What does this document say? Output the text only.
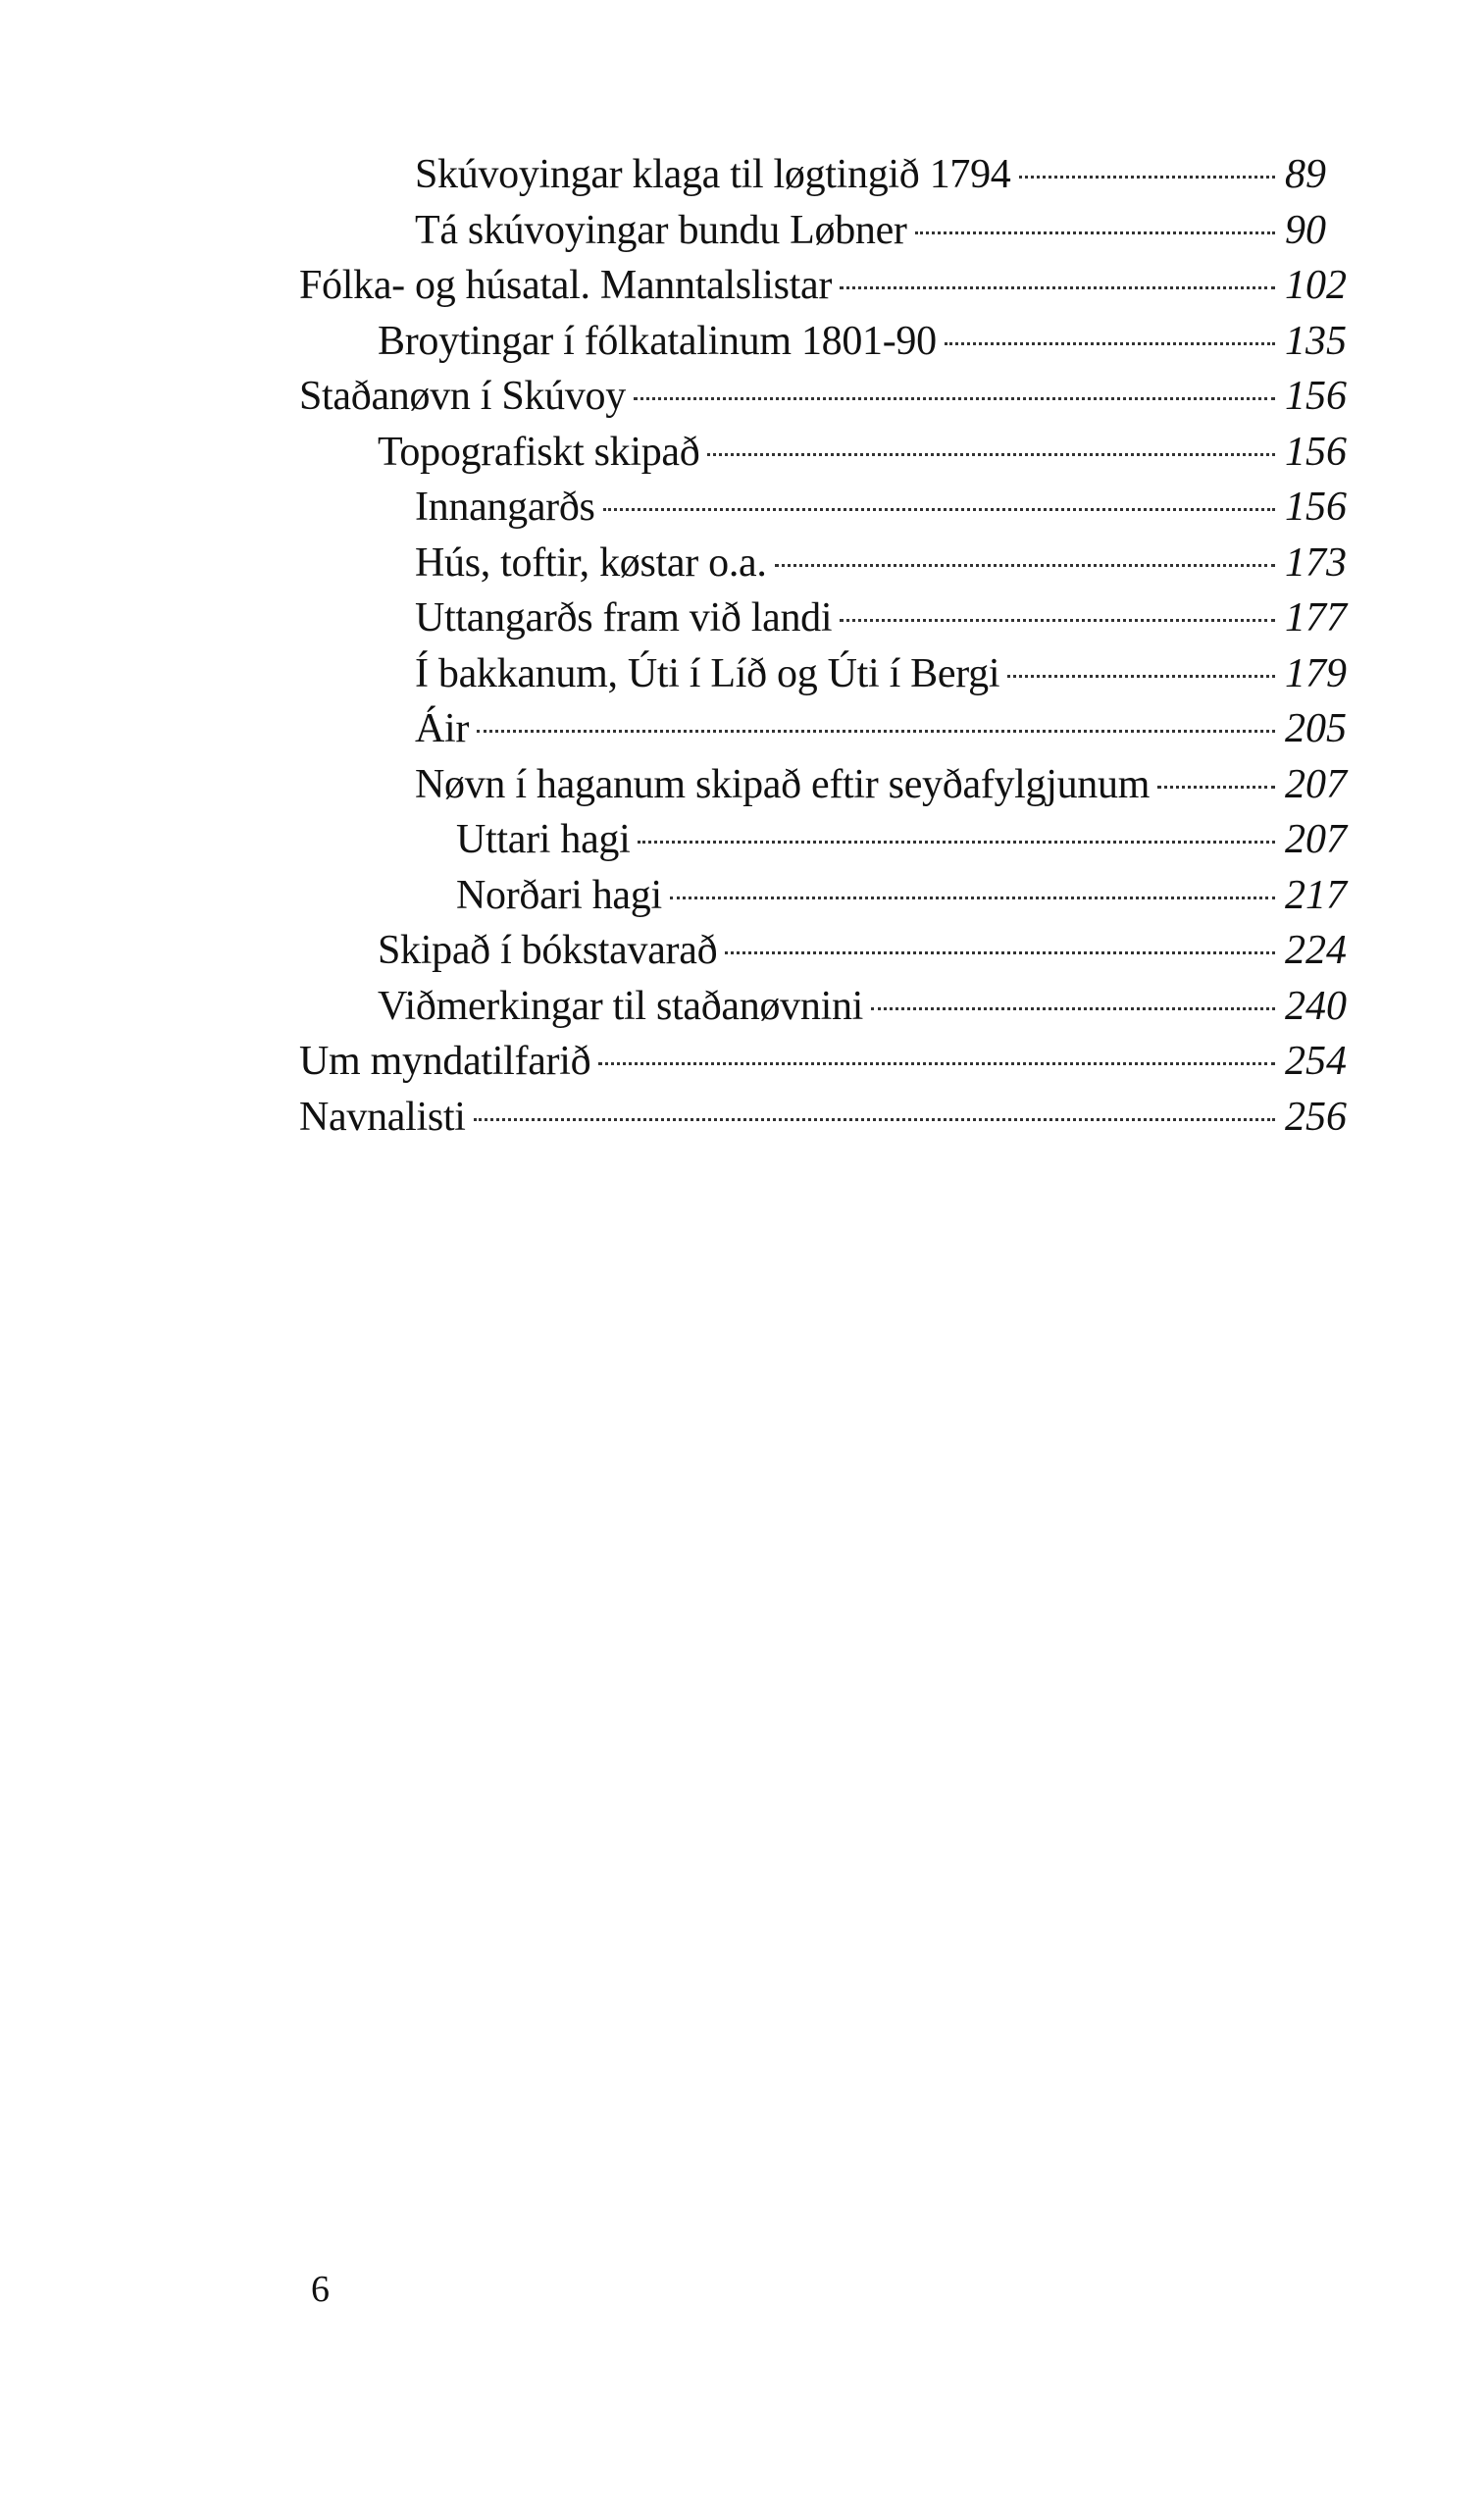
Skúvoyingar klaga til løgtingið 1794	89
Tá skúvoyingar bundu Løbner	90
Fólka- og húsatal. Manntalslistar	102
Broytingar í fólkatalinum 1801-90	135
Staðanøvn í Skúvoy	156
Topografiskt skipað	156
Innangarðs	156
Hús, toftir, køstar o.a.	173
Uttangarðs fram við landi	177
Í bakkanum, Úti í Líð og Úti í Bergi	179
Áir	205
Nøvn í haganum skipað eftir seyðafylgjunum	207
Uttari hagi	207
Norðari hagi	217
Skipað í bókstavarað	224
Viðmerkingar til staðanøvnini	240
Um myndatilfarið	254
Navnalisti	256
6
